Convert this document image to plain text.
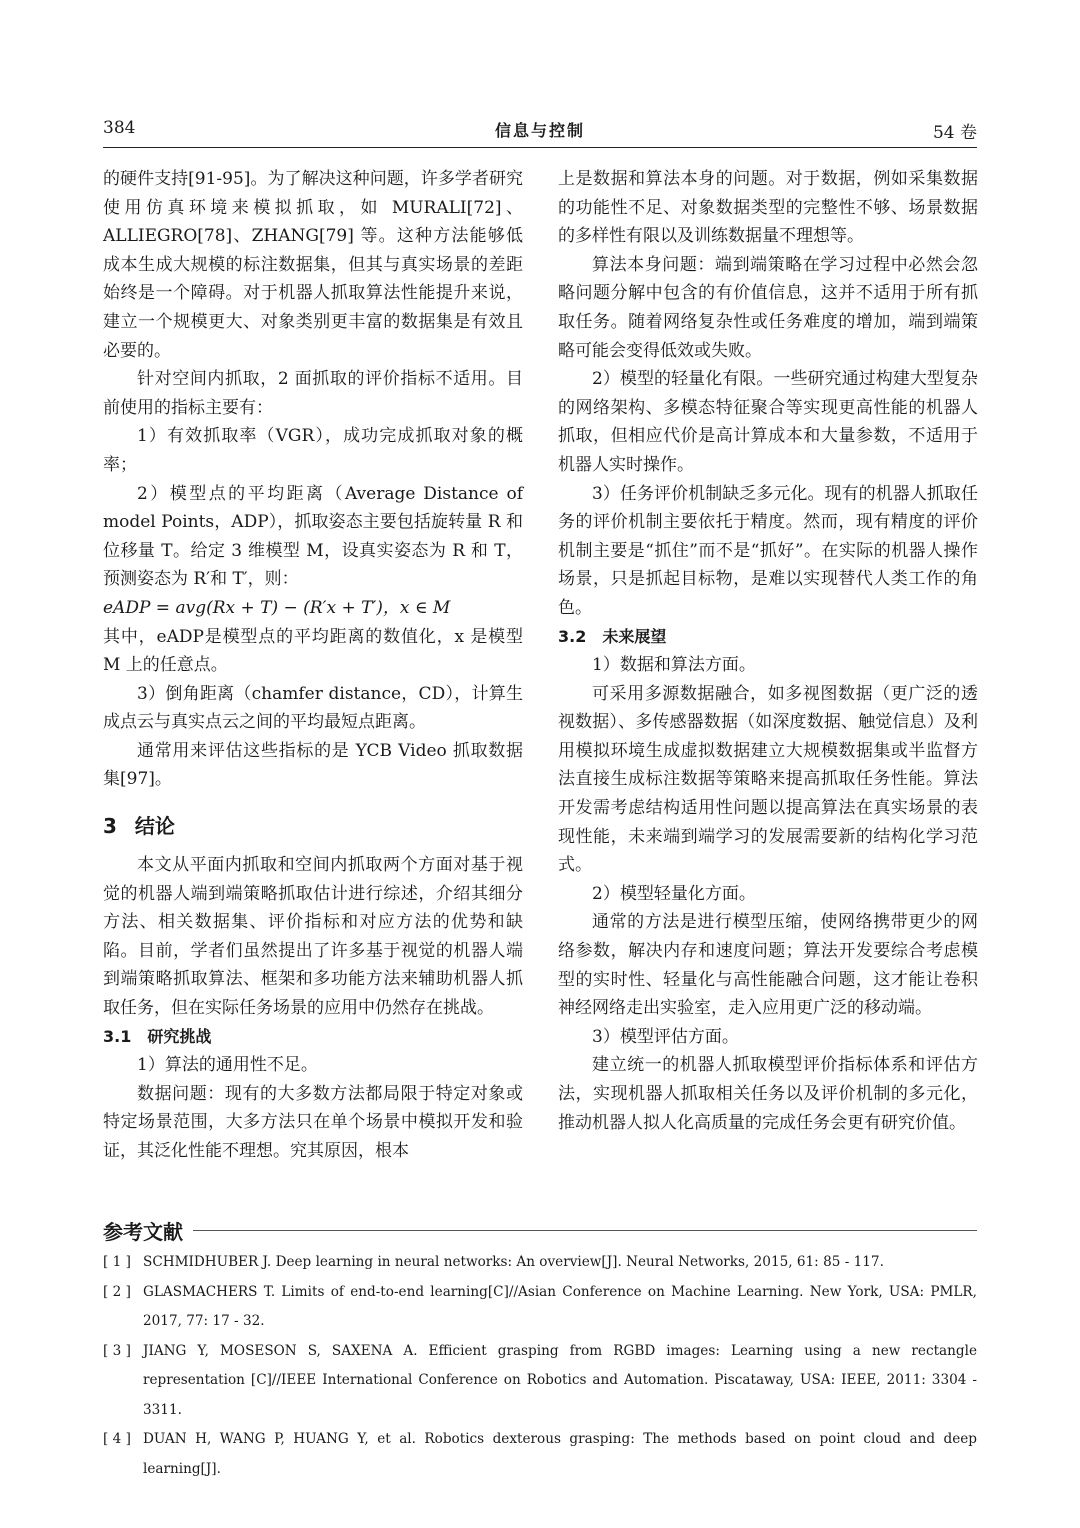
384	信息与控制	54 卷

的硬件支持[91-95]。为了解决这种问题，许多学者研究使用仿真环境来模拟抓取，如 MURALI[72]、ALLIEGRO[78]、ZHANG[79] 等。这种方法能够低成本生成大规模的标注数据集，但其与真实场景的差距始终是一个障碍。对于机器人抓取算法性能提升来说，建立一个规模更大、对象类别更丰富的数据集是有效且必要的。

针对空间内抓取，2 面抓取的评价指标不适用。目前使用的指标主要有：

1）有效抓取率（VGR），成功完成抓取对象的概率；

2）模型点的平均距离（Average Distance of model Points，ADP），抓取姿态主要包括旋转量 R 和位移量 T。给定 3 维模型 M，设真实姿态为 R 和 T，预测姿态为 R′和 T′，则：

eADP = avg(Rx + T) − (R′x + T′)，x ∈ M

其中，eADP是模型点的平均距离的数值化，x 是模型 M 上的任意点。

3）倒角距离（chamfer distance，CD），计算生成点云与真实点云之间的平均最短点距离。

通常用来评估这些指标的是 YCB Video 抓取数据集[97]。

3 结论

本文从平面内抓取和空间内抓取两个方面对基于视觉的机器人端到端策略抓取估计进行综述，介绍其细分方法、相关数据集、评价指标和对应方法的优势和缺陷。目前，学者们虽然提出了许多基于视觉的机器人端到端策略抓取算法、框架和多功能方法来辅助机器人抓取任务，但在实际任务场景的应用中仍然存在挑战。

3.1 研究挑战

1）算法的通用性不足。

数据问题：现有的大多数方法都局限于特定对象或特定场景范围，大多方法只在单个场景中模拟开发和验证，其泛化性能不理想。究其原因，根本

上是数据和算法本身的问题。对于数据，例如采集数据的功能性不足、对象数据类型的完整性不够、场景数据的多样性有限以及训练数据量不理想等。

算法本身问题：端到端策略在学习过程中必然会忽略问题分解中包含的有价值信息，这并不适用于所有抓取任务。随着网络复杂性或任务难度的增加，端到端策略可能会变得低效或失败。

2）模型的轻量化有限。一些研究通过构建大型复杂的网络架构、多模态特征聚合等实现更高性能的机器人抓取，但相应代价是高计算成本和大量参数，不适用于机器人实时操作。

3）任务评价机制缺乏多元化。现有的机器人抓取任务的评价机制主要依托于精度。然而，现有精度的评价机制主要是“抓住”而不是“抓好”。在实际的机器人操作场景，只是抓起目标物，是难以实现替代人类工作的角色。

3.2 未来展望

1）数据和算法方面。

可采用多源数据融合，如多视图数据（更广泛的透视数据）、多传感器数据（如深度数据、触觉信息）及利用模拟环境生成虚拟数据建立大规模数据集或半监督方法直接生成标注数据等策略来提高抓取任务性能。算法开发需考虑结构适用性问题以提高算法在真实场景的表现性能，未来端到端学习的发展需要新的结构化学习范式。

2）模型轻量化方面。

通常的方法是进行模型压缩，使网络携带更少的网络参数，解决内存和速度问题；算法开发要综合考虑模型的实时性、轻量化与高性能融合问题，这才能让卷积神经网络走出实验室，走入应用更广泛的移动端。

3）模型评估方面。

建立统一的机器人抓取模型评价指标体系和评估方法，实现机器人抓取相关任务以及评价机制的多元化，推动机器人拟人化高质量的完成任务会更有研究价值。

参考文献
[ 1 ] SCHMIDHUBER J. Deep learning in neural networks: An overview[J]. Neural Networks, 2015, 61: 85 - 117.
[ 2 ] GLASMACHERS T. Limits of end-to-end learning[C]//Asian Conference on Machine Learning. New York, USA: PMLR, 2017, 77: 17 - 32.
[ 3 ] JIANG Y, MOSESON S, SAXENA A. Efficient grasping from RGBD images: Learning using a new rectangle representation [C]//IEEE International Conference on Robotics and Automation. Piscataway, USA: IEEE, 2011: 3304 - 3311.
[ 4 ] DUAN H, WANG P, HUANG Y, et al. Robotics dexterous grasping: The methods based on point cloud and deep learning[J].
